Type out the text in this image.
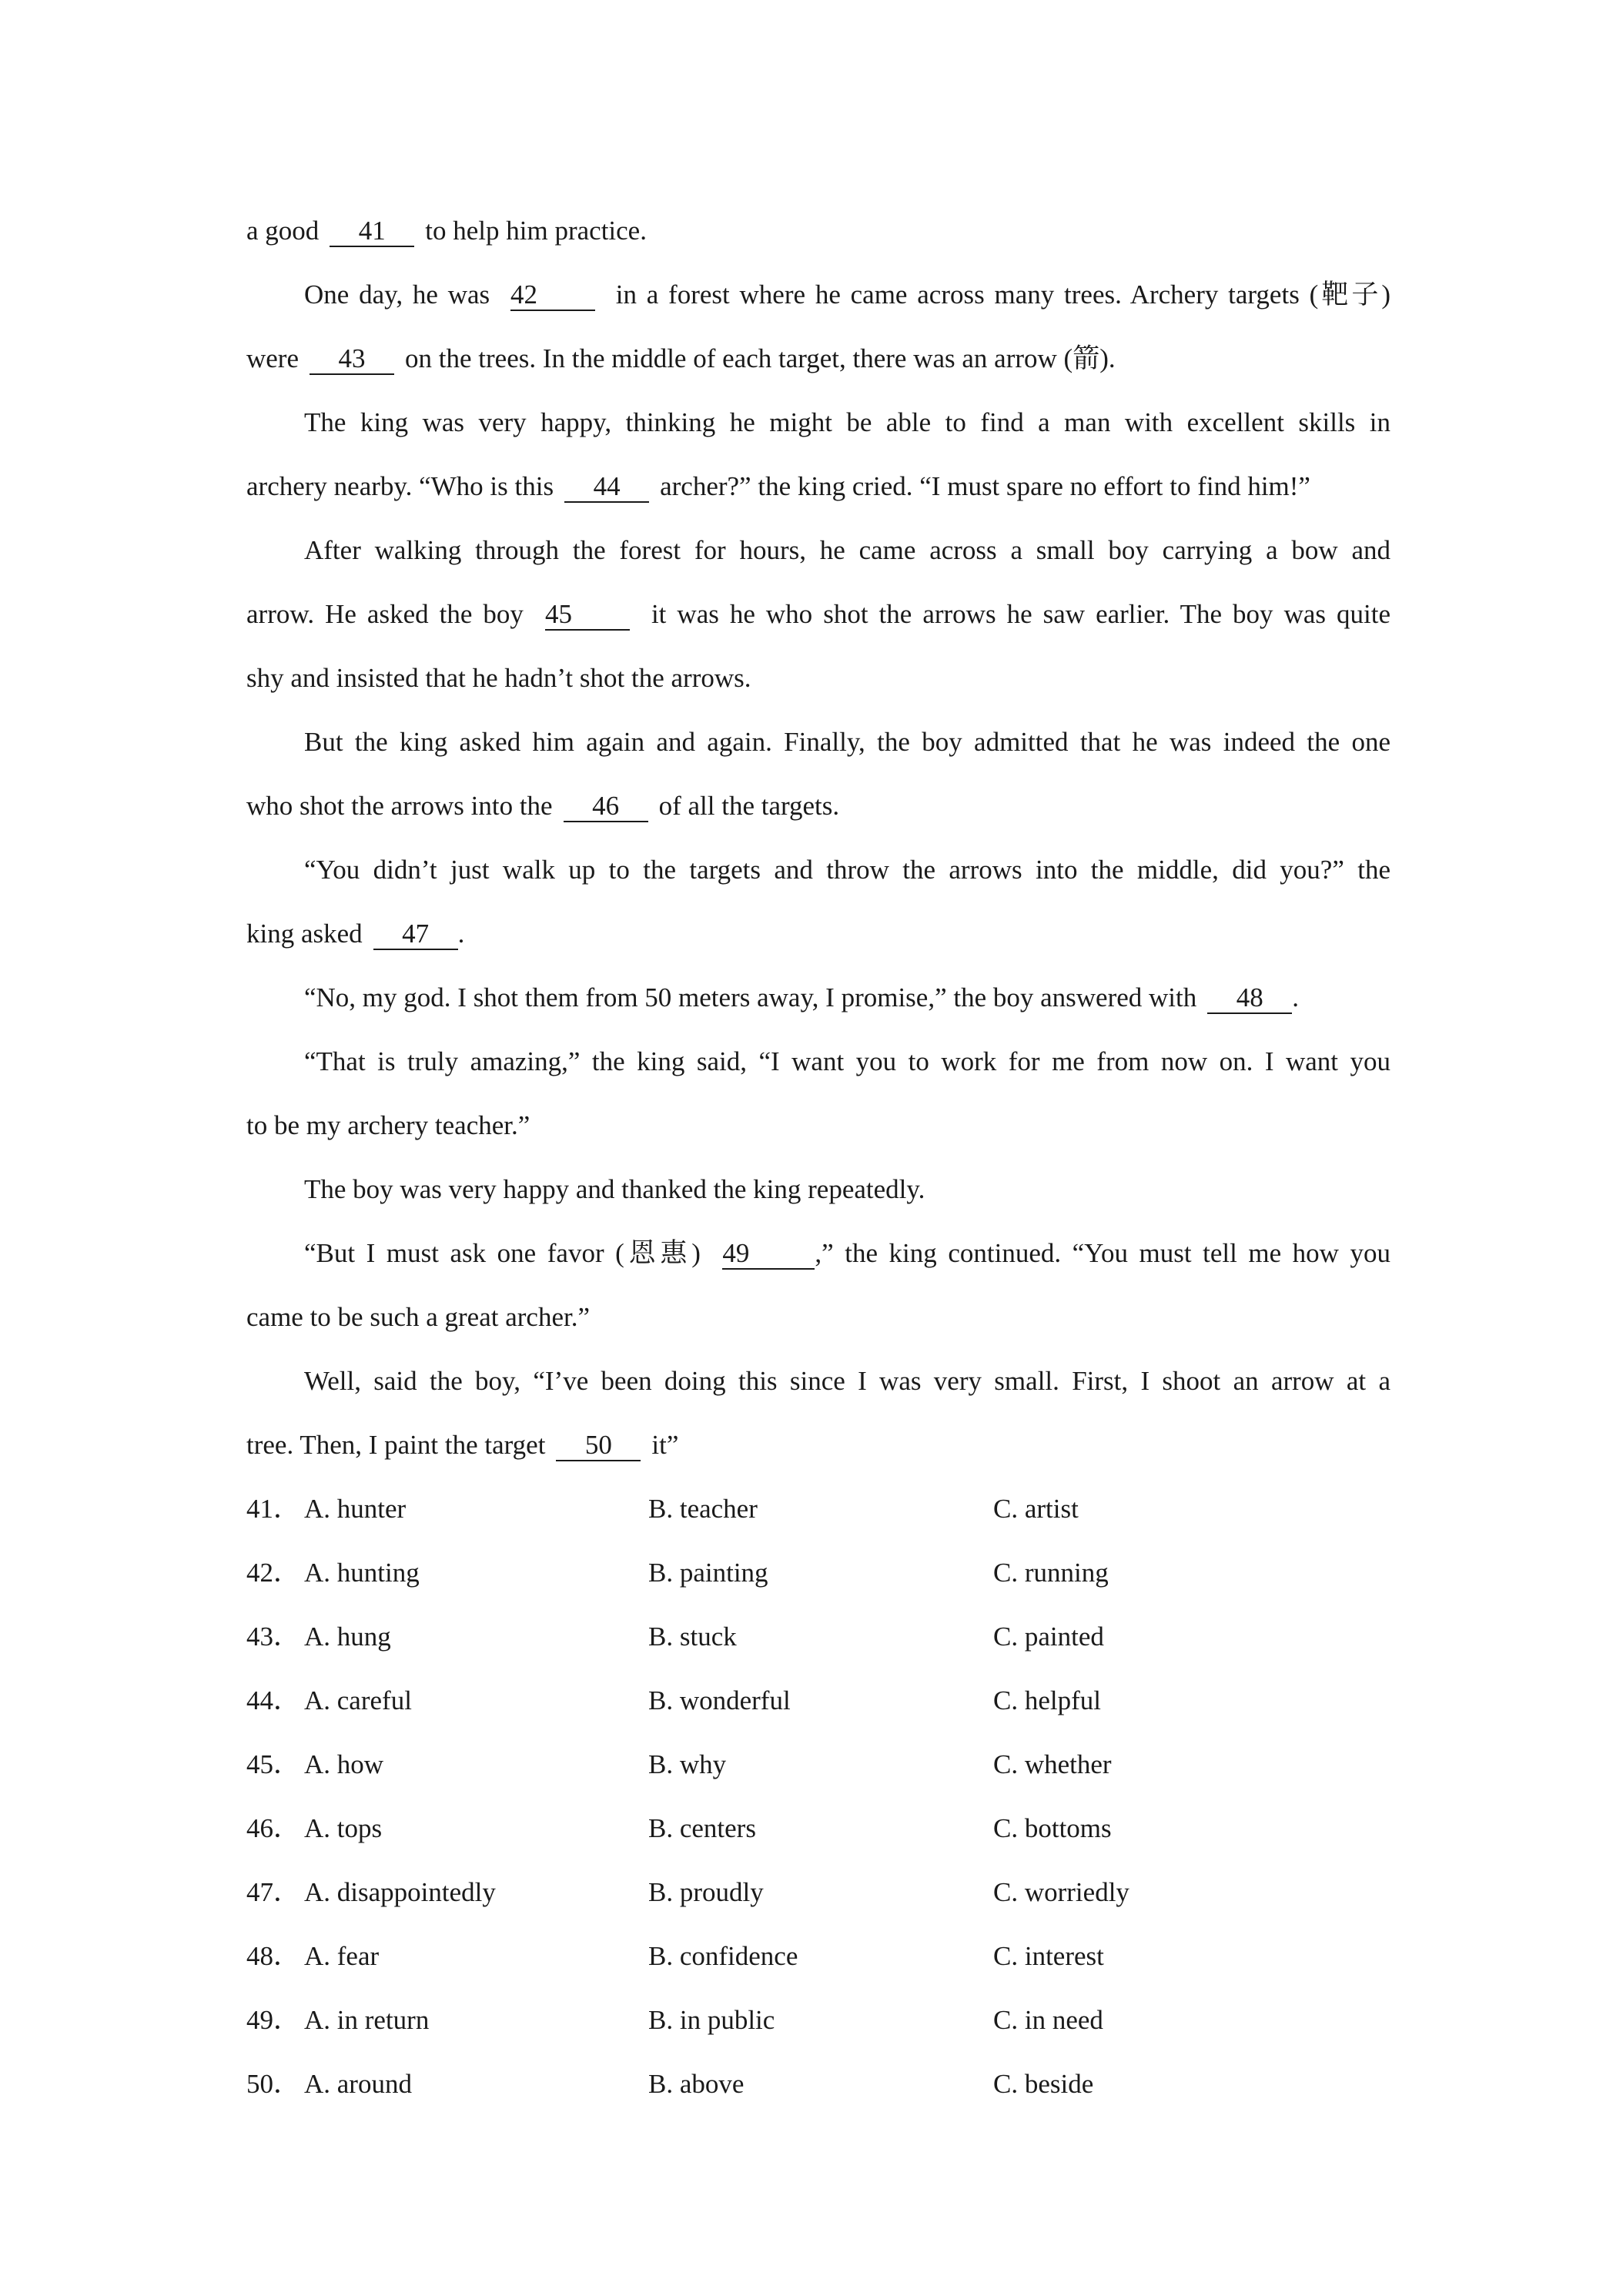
a good 41 to help him practice.
One day, he was 42	in a forest where he came across many trees. Archery targets (靶子)
were 43 on the trees. In the middle of each target, there was an arrow (箭).
The king was very happy, thinking he might be able to find a man with excellent skills in
archery nearby. “Who is this 44 archer?” the king cried. “I must spare no effort to find him!”
After walking through the forest for hours, he came across a small boy carrying a bow and
arrow. He asked the boy 45	it was he who shot the arrows he saw earlier. The boy was quite
shy and insisted that he hadn’t shot the arrows.
But the king asked him again and again. Finally, the boy admitted that he was indeed the one
who shot the arrows into the 46 of all the targets.
“You didn’t just walk up to the targets and throw the arrows into the middle, did you?” the
king asked 47 .
“No, my god. I shot them from 50 meters away, I promise,” the boy answered with 48 .
“That is truly amazing,” the king said, “I want you to work for me from now on. I want you
to be my archery teacher.”
The boy was very happy and thanked the king repeatedly.
“But I must ask one favor (恩惠) 49 ,” the king continued. “You must tell me how you
came to be such a great archer.”
Well, said the boy, “I’ve been doing this since I was very small. First, I shoot an arrow at a
tree. Then, I paint the target 50 it”
41． A. hunter	B. teacher	C. artist
42． A. hunting	B. painting	C. running
43． A. hung	B. stuck	C. painted
44． A. careful	B. wonderful	C. helpful
45． A. how	B. why	C. whether
46． A. tops	B. centers	C. bottoms
47． A. disappointedly	B. proudly	C. worriedly
48． A. fear	B. confidence	C. interest
49． A. in return	B. in public	C. in need
50． A. around	B. above	C. beside
